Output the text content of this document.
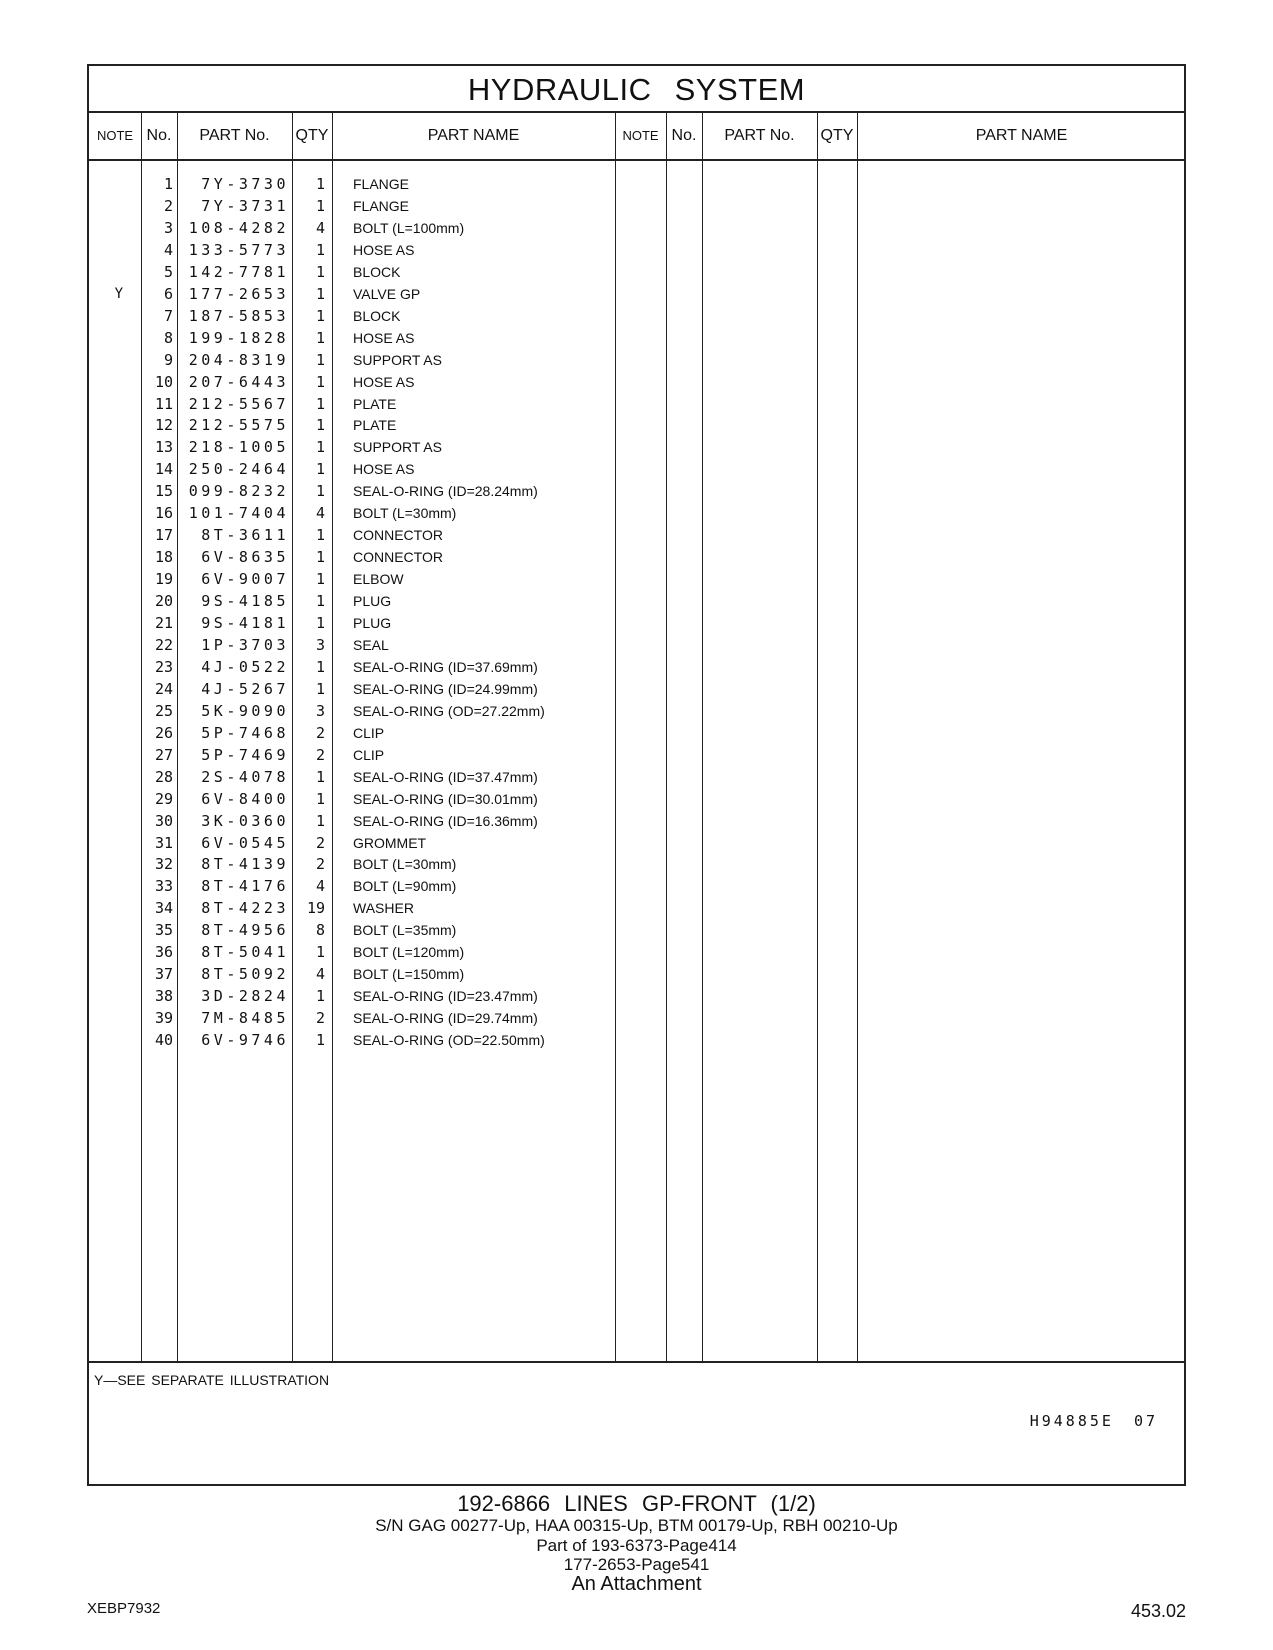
HYDRAULIC SYSTEM
NOTE No.	PART No.	QTY	PART NAME	NOTE No.	PART No.	QTY	PART NAME
1	7Y-3730	1 FLANGE
2	7Y-3731	1 FLANGE
3	108-4282	4 BOLT (L=100mm)
4	133-5773	1 HOSE AS
5	142-7781	1 BLOCK
Y	6	177-2653	1 VALVE GP
7	187-5853	1 BLOCK
8	199-1828	1 HOSE AS
9	204-8319	1 SUPPORT AS
10	207-6443	1 HOSE AS
11	212-5567	1 PLATE
12	212-5575	1 PLATE
13	218-1005	1 SUPPORT AS
14	250-2464	1 HOSE AS
15	099-8232	1 SEAL-O-RING (ID=28.24mm)
16	101-7404	4 BOLT (L=30mm)
17	8T-3611	1 CONNECTOR
18	6V-8635	1 CONNECTOR
19	6V-9007	1 ELBOW
20	9S-4185	1 PLUG
21	9S-4181	1 PLUG
22	1P-3703	3 SEAL
23	4J-0522	1 SEAL-O-RING (ID=37.69mm)
24	4J-5267	1 SEAL-O-RING (ID=24.99mm)
25	5K-9090	3 SEAL-O-RING (OD=27.22mm)
26	5P-7468	2 CLIP
27	5P-7469	2 CLIP
28	2S-4078	1 SEAL-O-RING (ID=37.47mm)
29	6V-8400	1 SEAL-O-RING (ID=30.01mm)
30	3K-0360	1 SEAL-O-RING (ID=16.36mm)
31	6V-0545	2 GROMMET
32	8T-4139	2 BOLT (L=30mm)
33	8T-4176	4 BOLT (L=90mm)
34	8T-4223	19 WASHER
35	8T-4956	8 BOLT (L=35mm)
36	8T-5041	1 BOLT (L=120mm)
37	8T-5092	4 BOLT (L=150mm)
38	3D-2824	1 SEAL-O-RING (ID=23.47mm)
39	7M-8485	2 SEAL-O-RING (ID=29.74mm)
40	6V-9746	1 SEAL-O-RING (OD=22.50mm)
Y—SEE SEPARATE ILLUSTRATION
H94885E 07
192-6866 LINES GP-FRONT (1/2)
S/N GAG 00277-Up, HAA 00315-Up, BTM 00179-Up, RBH 00210-Up
Part of 193-6373-Page414
177-2653-Page541
An Attachment
XEBP7932	453.02
